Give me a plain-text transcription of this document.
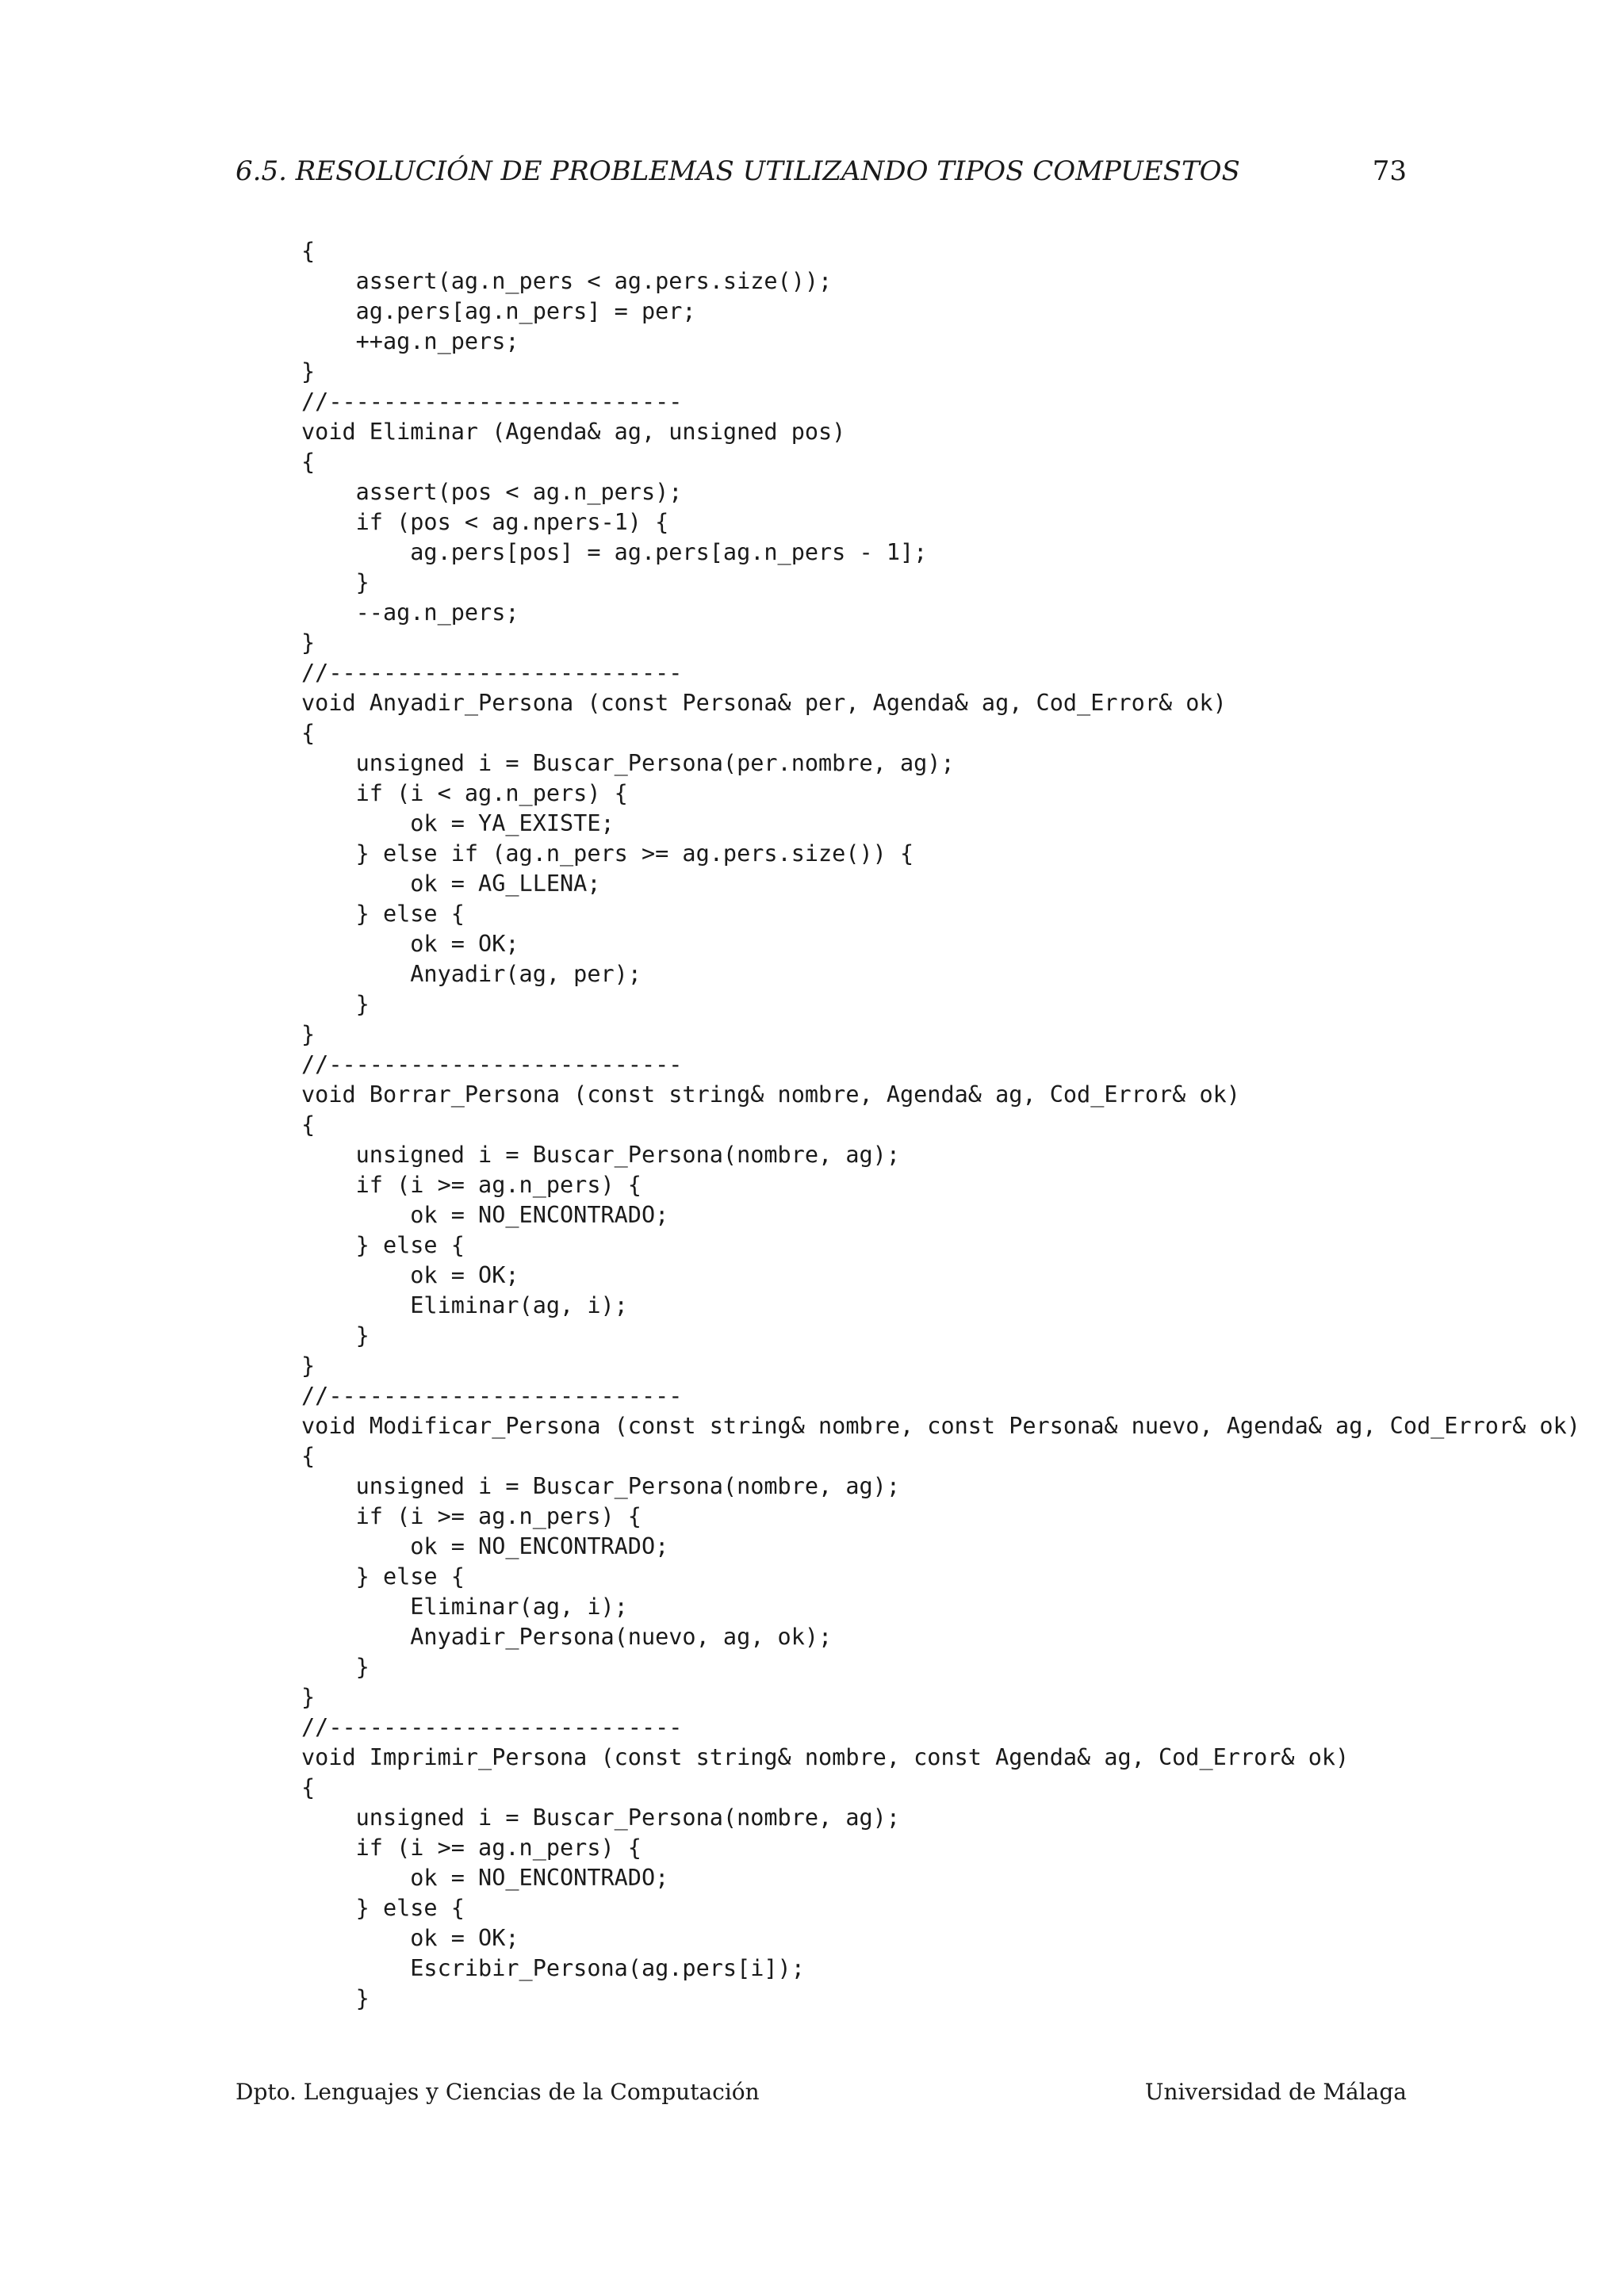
6.5. RESOLUCIÓN DE PROBLEMAS UTILIZANDO TIPOS COMPUESTOS	73
{
assert(ag.n_pers < ag.pers.size());
ag.pers[ag.n_pers] = per;
++ag.n_pers;
}
//--------------------------
void Eliminar (Agenda& ag, unsigned pos)
{
assert(pos < ag.n_pers);
if (pos < ag.npers-1) {
ag.pers[pos] = ag.pers[ag.n_pers - 1];
}
--ag.n_pers;
}
//--------------------------
void Anyadir_Persona (const Persona& per, Agenda& ag, Cod_Error& ok)
{
unsigned i = Buscar_Persona(per.nombre, ag);
if (i < ag.n_pers) {
ok = YA_EXISTE;
} else if (ag.n_pers >= ag.pers.size()) {
ok = AG_LLENA;
} else {
ok = OK;
Anyadir(ag, per);
}
}
//--------------------------
void Borrar_Persona (const string& nombre, Agenda& ag, Cod_Error& ok)
{
unsigned i = Buscar_Persona(nombre, ag);
if (i >= ag.n_pers) {
ok = NO_ENCONTRADO;
} else {
ok = OK;
Eliminar(ag, i);
}
}
//--------------------------
void Modificar_Persona (const string& nombre, const Persona& nuevo, Agenda& ag, Cod_Error& ok)
{
unsigned i = Buscar_Persona(nombre, ag);
if (i >= ag.n_pers) {
ok = NO_ENCONTRADO;
} else {
Eliminar(ag, i);
Anyadir_Persona(nuevo, ag, ok);
}
}
//--------------------------
void Imprimir_Persona (const string& nombre, const Agenda& ag, Cod_Error& ok)
{
unsigned i = Buscar_Persona(nombre, ag);
if (i >= ag.n_pers) {
ok = NO_ENCONTRADO;
} else {
ok = OK;
Escribir_Persona(ag.pers[i]);
}
Dpto. Lenguajes y Ciencias de la Computación	Universidad de Málaga
